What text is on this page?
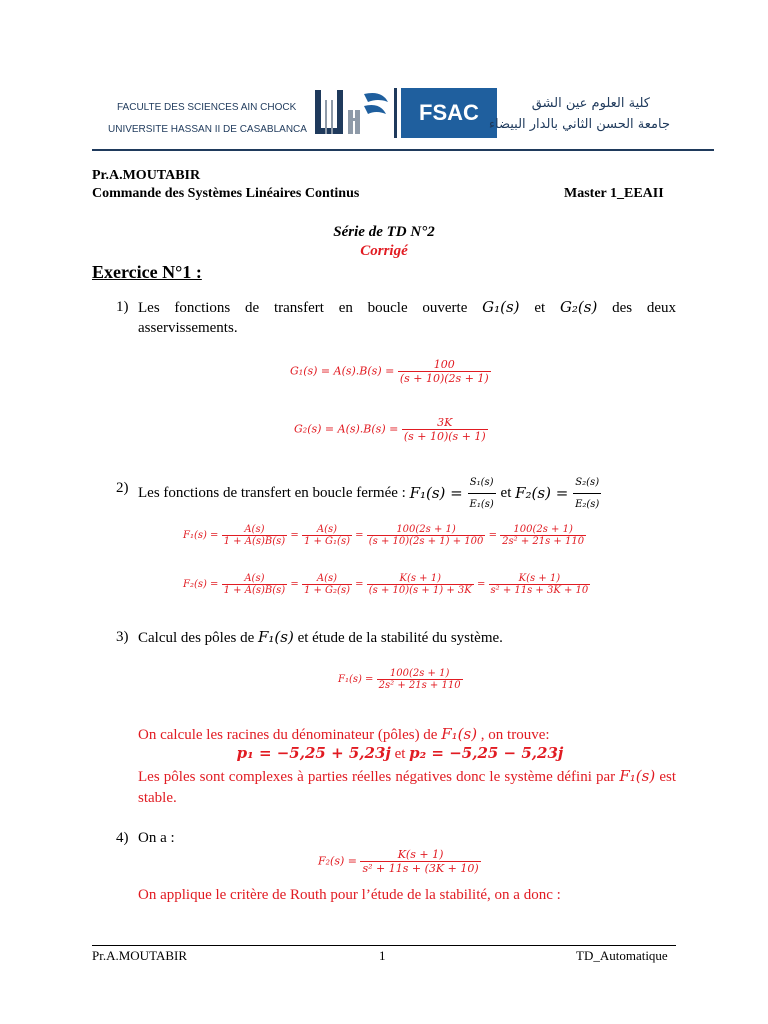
FACULTE DES SCIENCES AIN CHOCK
UNIVERSITE HASSAN II DE CASABLANCA
FSAC	كلية العلوم عين الشق
جامعة الحسن الثاني بالدار البيضاء
Pr.A.MOUTABIR
Commande des Systèmes Linéaires Continus	Master 1_EEAII
Série de TD N°2
Corrigé
Exercice N°1 :
1) Les fonctions de transfert en boucle ouverte G₁(s) et G₂(s) des deux
asservissements.
$G_1(s) = A(s).B(s) = \frac{100}{(s + 10)(2s + 1)}$
$G_2(s) = A(s).B(s) = \frac{3K}{(s + 10)(s + 1)}$
2) Les fonctions de transfert en boucle fermée : $F_1(s) = \frac{\text{S₁(s)}}{\text{E₁(s)}}$ et $F_2(s) = \frac{\text{S₂(s)}}{\text{E₂(s)}}$
$F_1(s) = \frac{A(s)}{1 + A(s)B(s)} = \frac{A(s)}{\text{1 + G₁(s)}} = \frac{100(2s + 1)}{(s + 10)(2s + 1) + 100} = \frac{100(2s + 1)}{\text{2s² + 21s + 110}}$
$F_2(s) = \frac{A(s)}{1 + A(s)B(s)} = \frac{A(s)}{\text{1 + G₂(s)}} = \frac{K(s + 1)}{(s + 10)(s + 1) + 3K} = \frac{K(s + 1)}{\text{s² + 11s + 3K + 10}}$
3) Calcul des pôles de F₁(s) et étude de la stabilité du système.
$F_1(s) = \frac{100(2s + 1)}{\text{2s² + 21s + 110}}$
On calcule les racines du dénominateur (pôles) de F₁(s) , on trouve:
p₁ = −5,25 + 5,23j et p₂ = −5,25 − 5,23j
Les pôles sont complexes à parties réelles négatives donc le système défini par F₁(s) est stable.
4) On a :
$F_2(s) = \frac{K(s + 1)}{\text{s² + 11s + (3K + 10)}}$
On applique le critère de Routh pour l’étude de la stabilité, on a donc :
Pr.A.MOUTABIR	1	TD_Automatique
